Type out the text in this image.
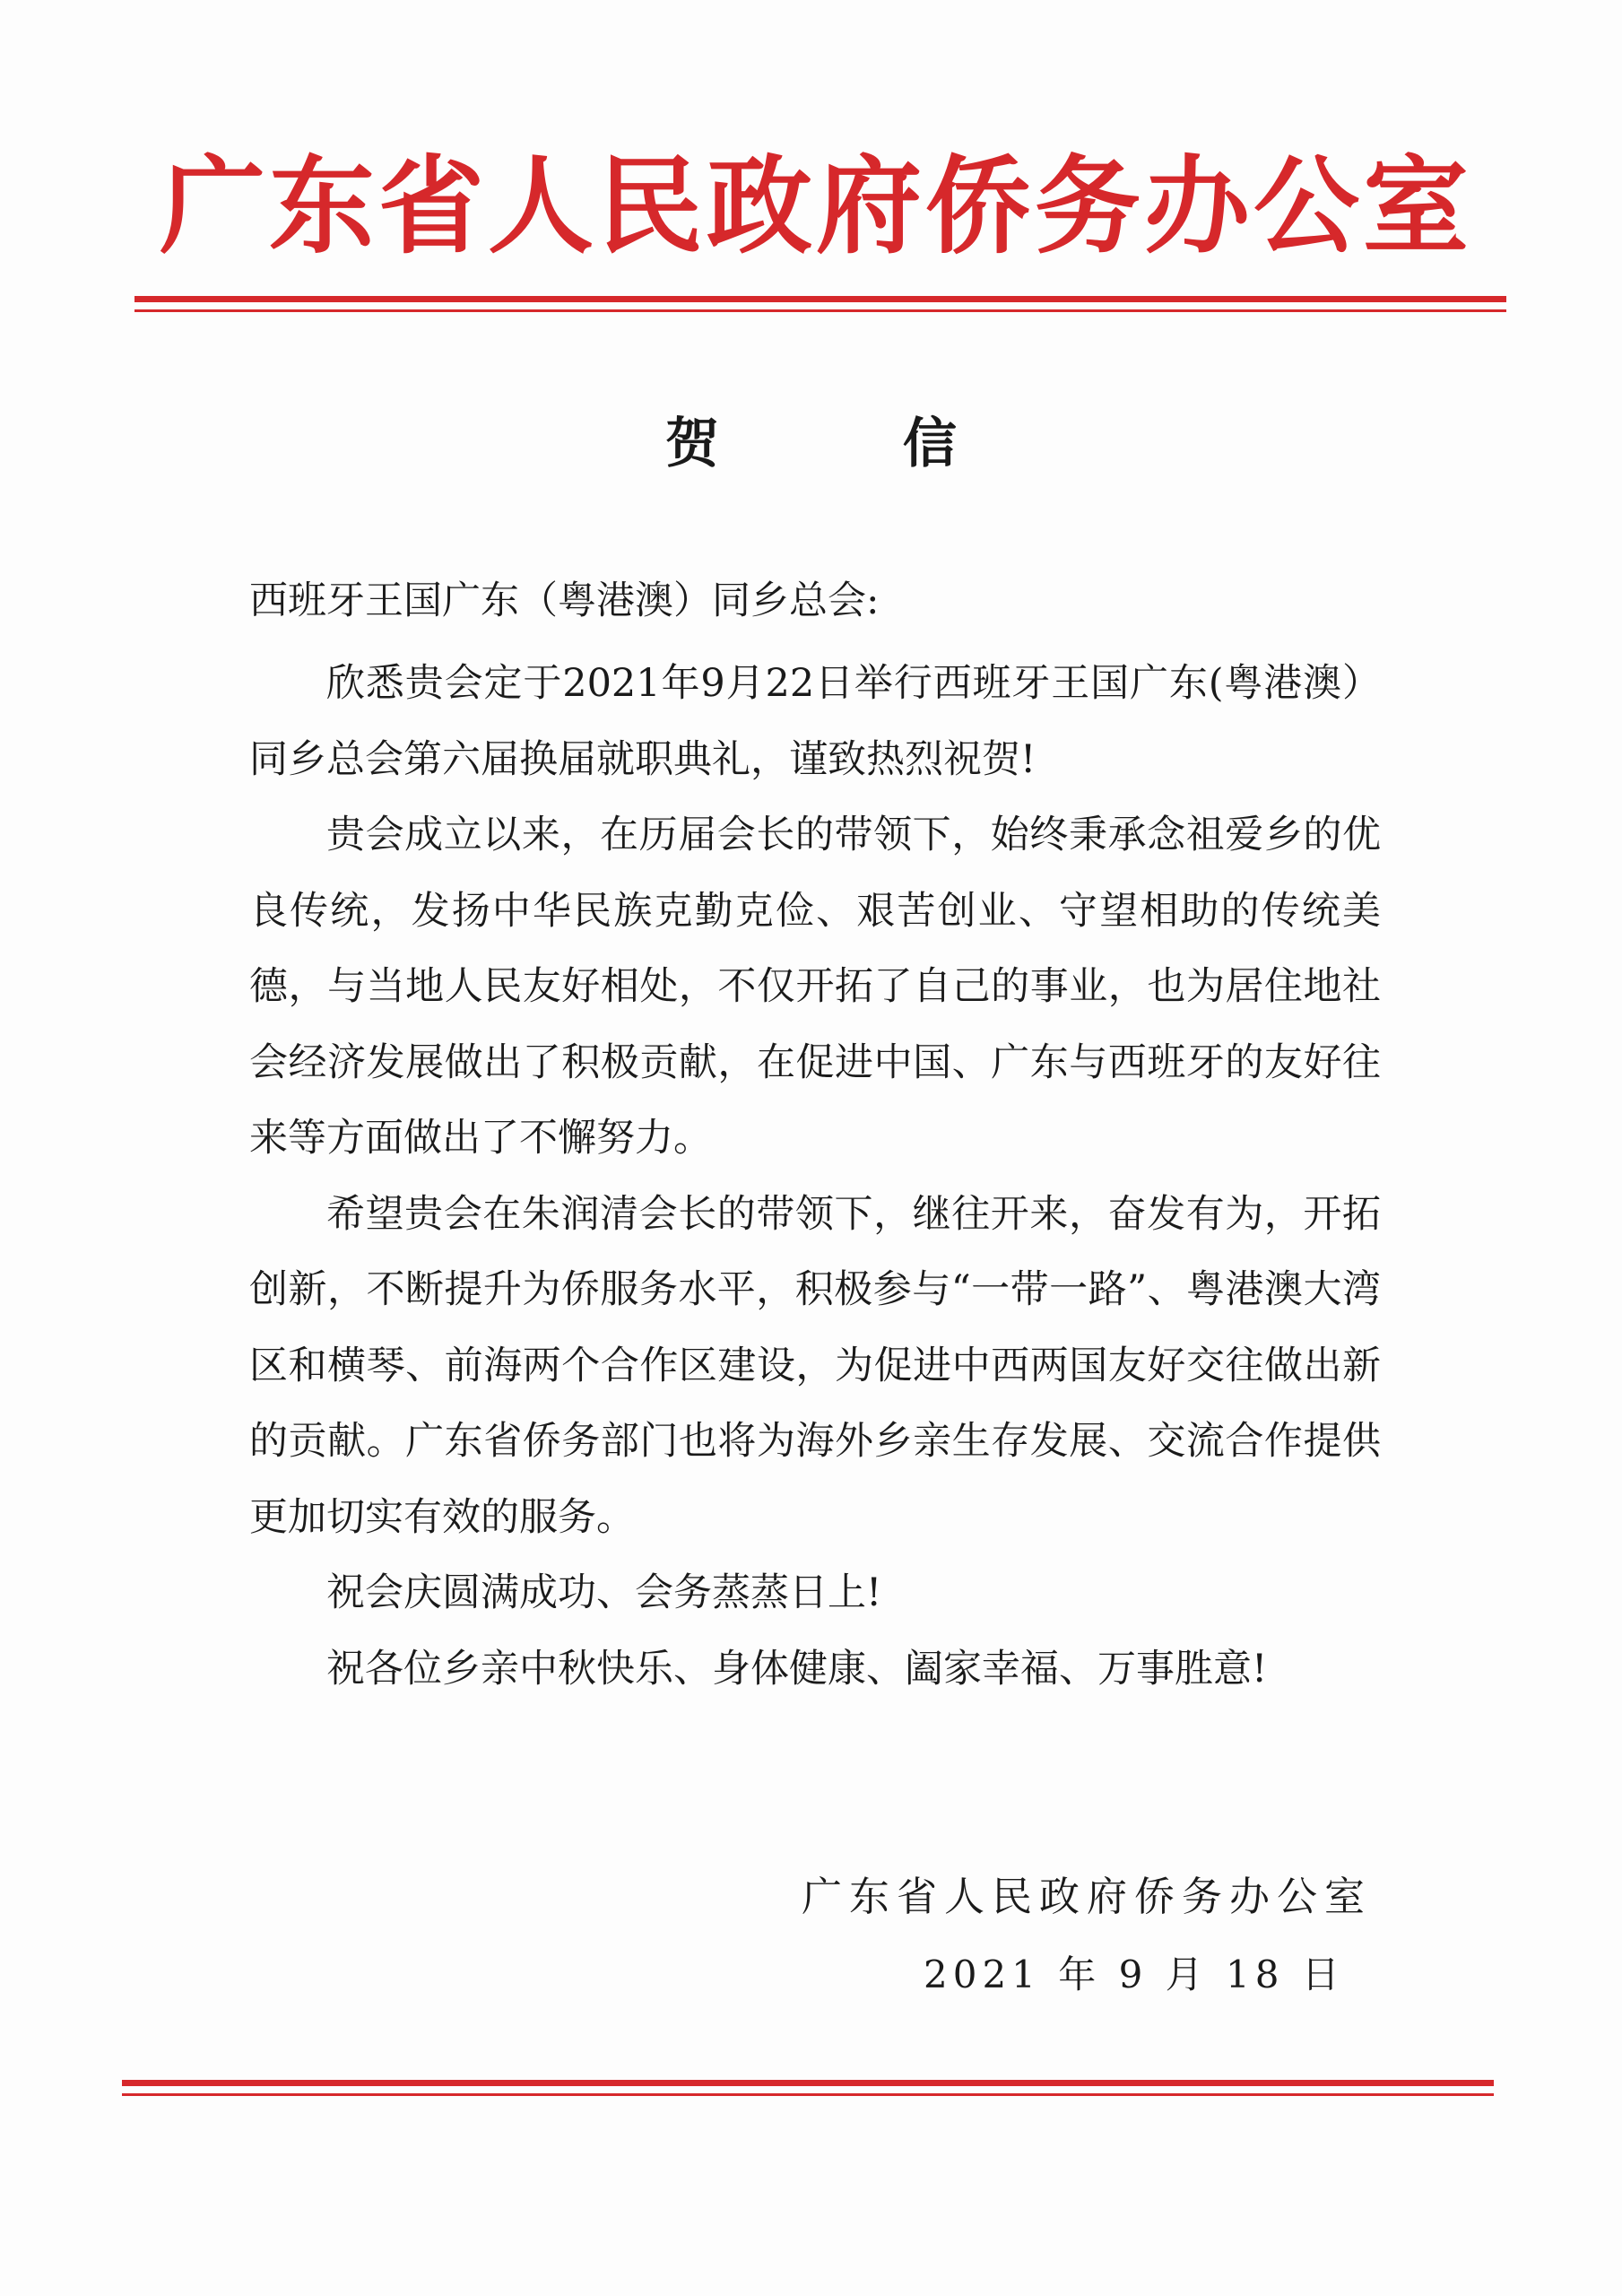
广东省人民政府侨务办公室
贺 信
西班牙王国广东（粤港澳）同乡总会:

欣悉贵会定于2021年9月22日举行西班牙王国广东(粤港澳）同乡总会第六届换届就职典礼，谨致热烈祝贺!

贵会成立以来，在历届会长的带领下，始终秉承念祖爱乡的优良传统，发扬中华民族克勤克俭、艰苦创业、守望相助的传统美德，与当地人民友好相处，不仅开拓了自己的事业，也为居住地社会经济发展做出了积极贡献，在促进中国、广东与西班牙的友好往来等方面做出了不懈努力。

希望贵会在朱润清会长的带领下，继往开来，奋发有为，开拓创新，不断提升为侨服务水平，积极参与“一带一路”、粤港澳大湾区和横琴、前海两个合作区建设，为促进中西两国友好交往做出新的贡献。广东省侨务部门也将为海外乡亲生存发展、交流合作提供更加切实有效的服务。

祝会庆圆满成功、会务蒸蒸日上!

祝各位乡亲中秋快乐、身体健康、阖家幸福、万事胜意!

广东省人民政府侨务办公室
2021 年 9 月 18 日
